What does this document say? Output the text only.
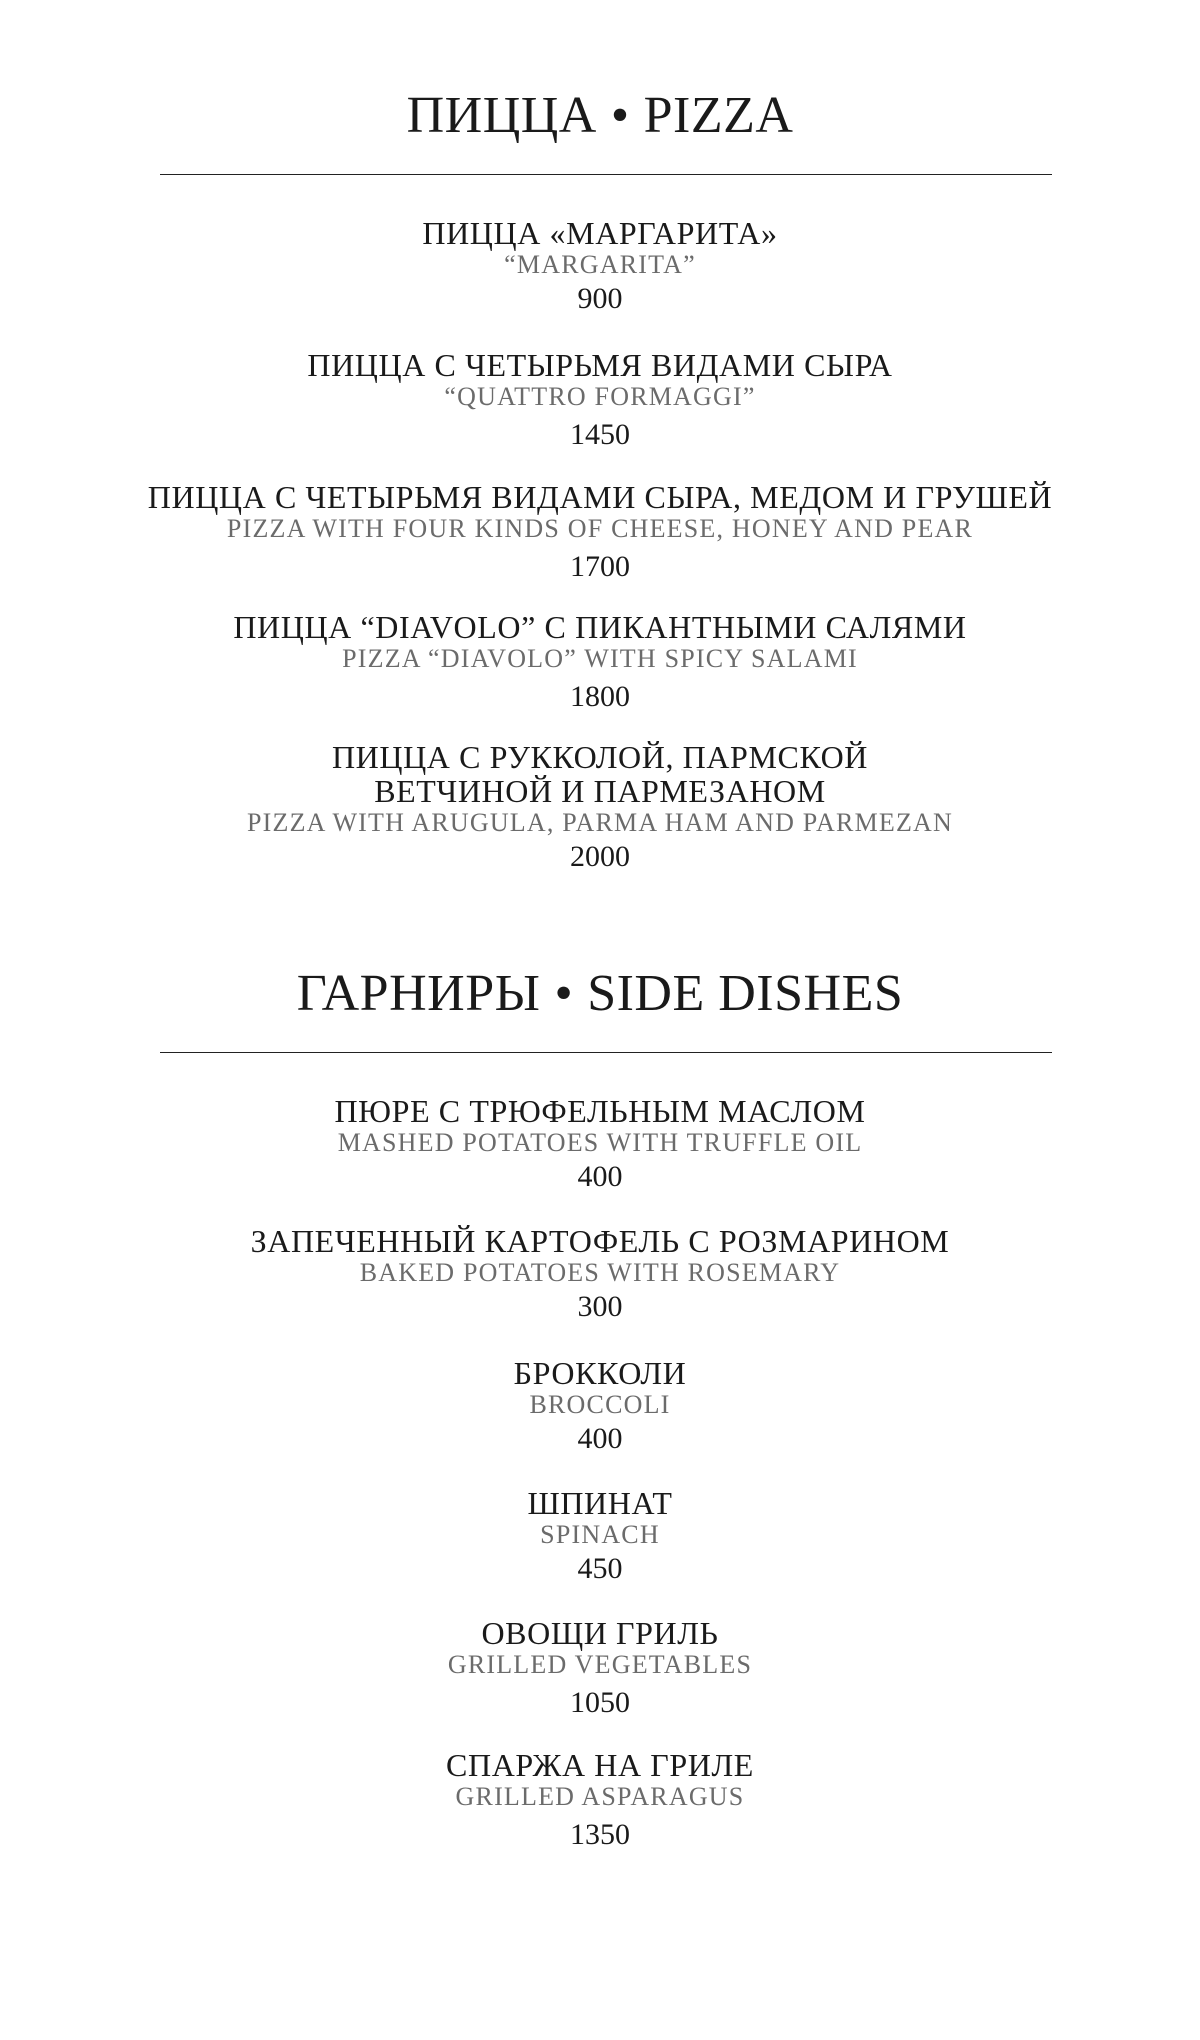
ПИЦЦА • PIZZA
ПИЦЦА «МАРГАРИТА»
“MARGARITA”
900
ПИЦЦА С ЧЕТЫРЬМЯ ВИДАМИ СЫРА
“QUATTRO FORMAGGI”
1450
ПИЦЦА С ЧЕТЫРЬМЯ ВИДАМИ СЫРА, МЕДОМ И ГРУШЕЙ
PIZZA WITH FOUR KINDS OF CHEESE, HONEY AND PEAR
1700
ПИЦЦА “DIAVOLO” С ПИКАНТНЫМИ САЛЯМИ
PIZZA “DIAVOLO” WITH SPICY SALAMI
1800
ПИЦЦА С РУККОЛОЙ, ПАРМСКОЙ
ВЕТЧИНОЙ И ПАРМЕЗАНОМ
PIZZA WITH ARUGULA, PARMA HAM AND PARMEZAN
2000
ГАРНИРЫ • SIDE DISHES
ПЮРЕ С ТРЮФЕЛЬНЫМ МАСЛОМ
MASHED POTATOES WITH TRUFFLE OIL
400
ЗАПЕЧЕННЫЙ КАРТОФЕЛЬ С РОЗМАРИНОМ
BAKED POTATOES WITH ROSEMARY
300
БРОККОЛИ
BROCCOLI
400
ШПИНАТ
SPINACH
450
ОВОЩИ ГРИЛЬ
GRILLED VEGETABLES
1050
СПАРЖА НА ГРИЛЕ
GRILLED ASPARAGUS
1350
